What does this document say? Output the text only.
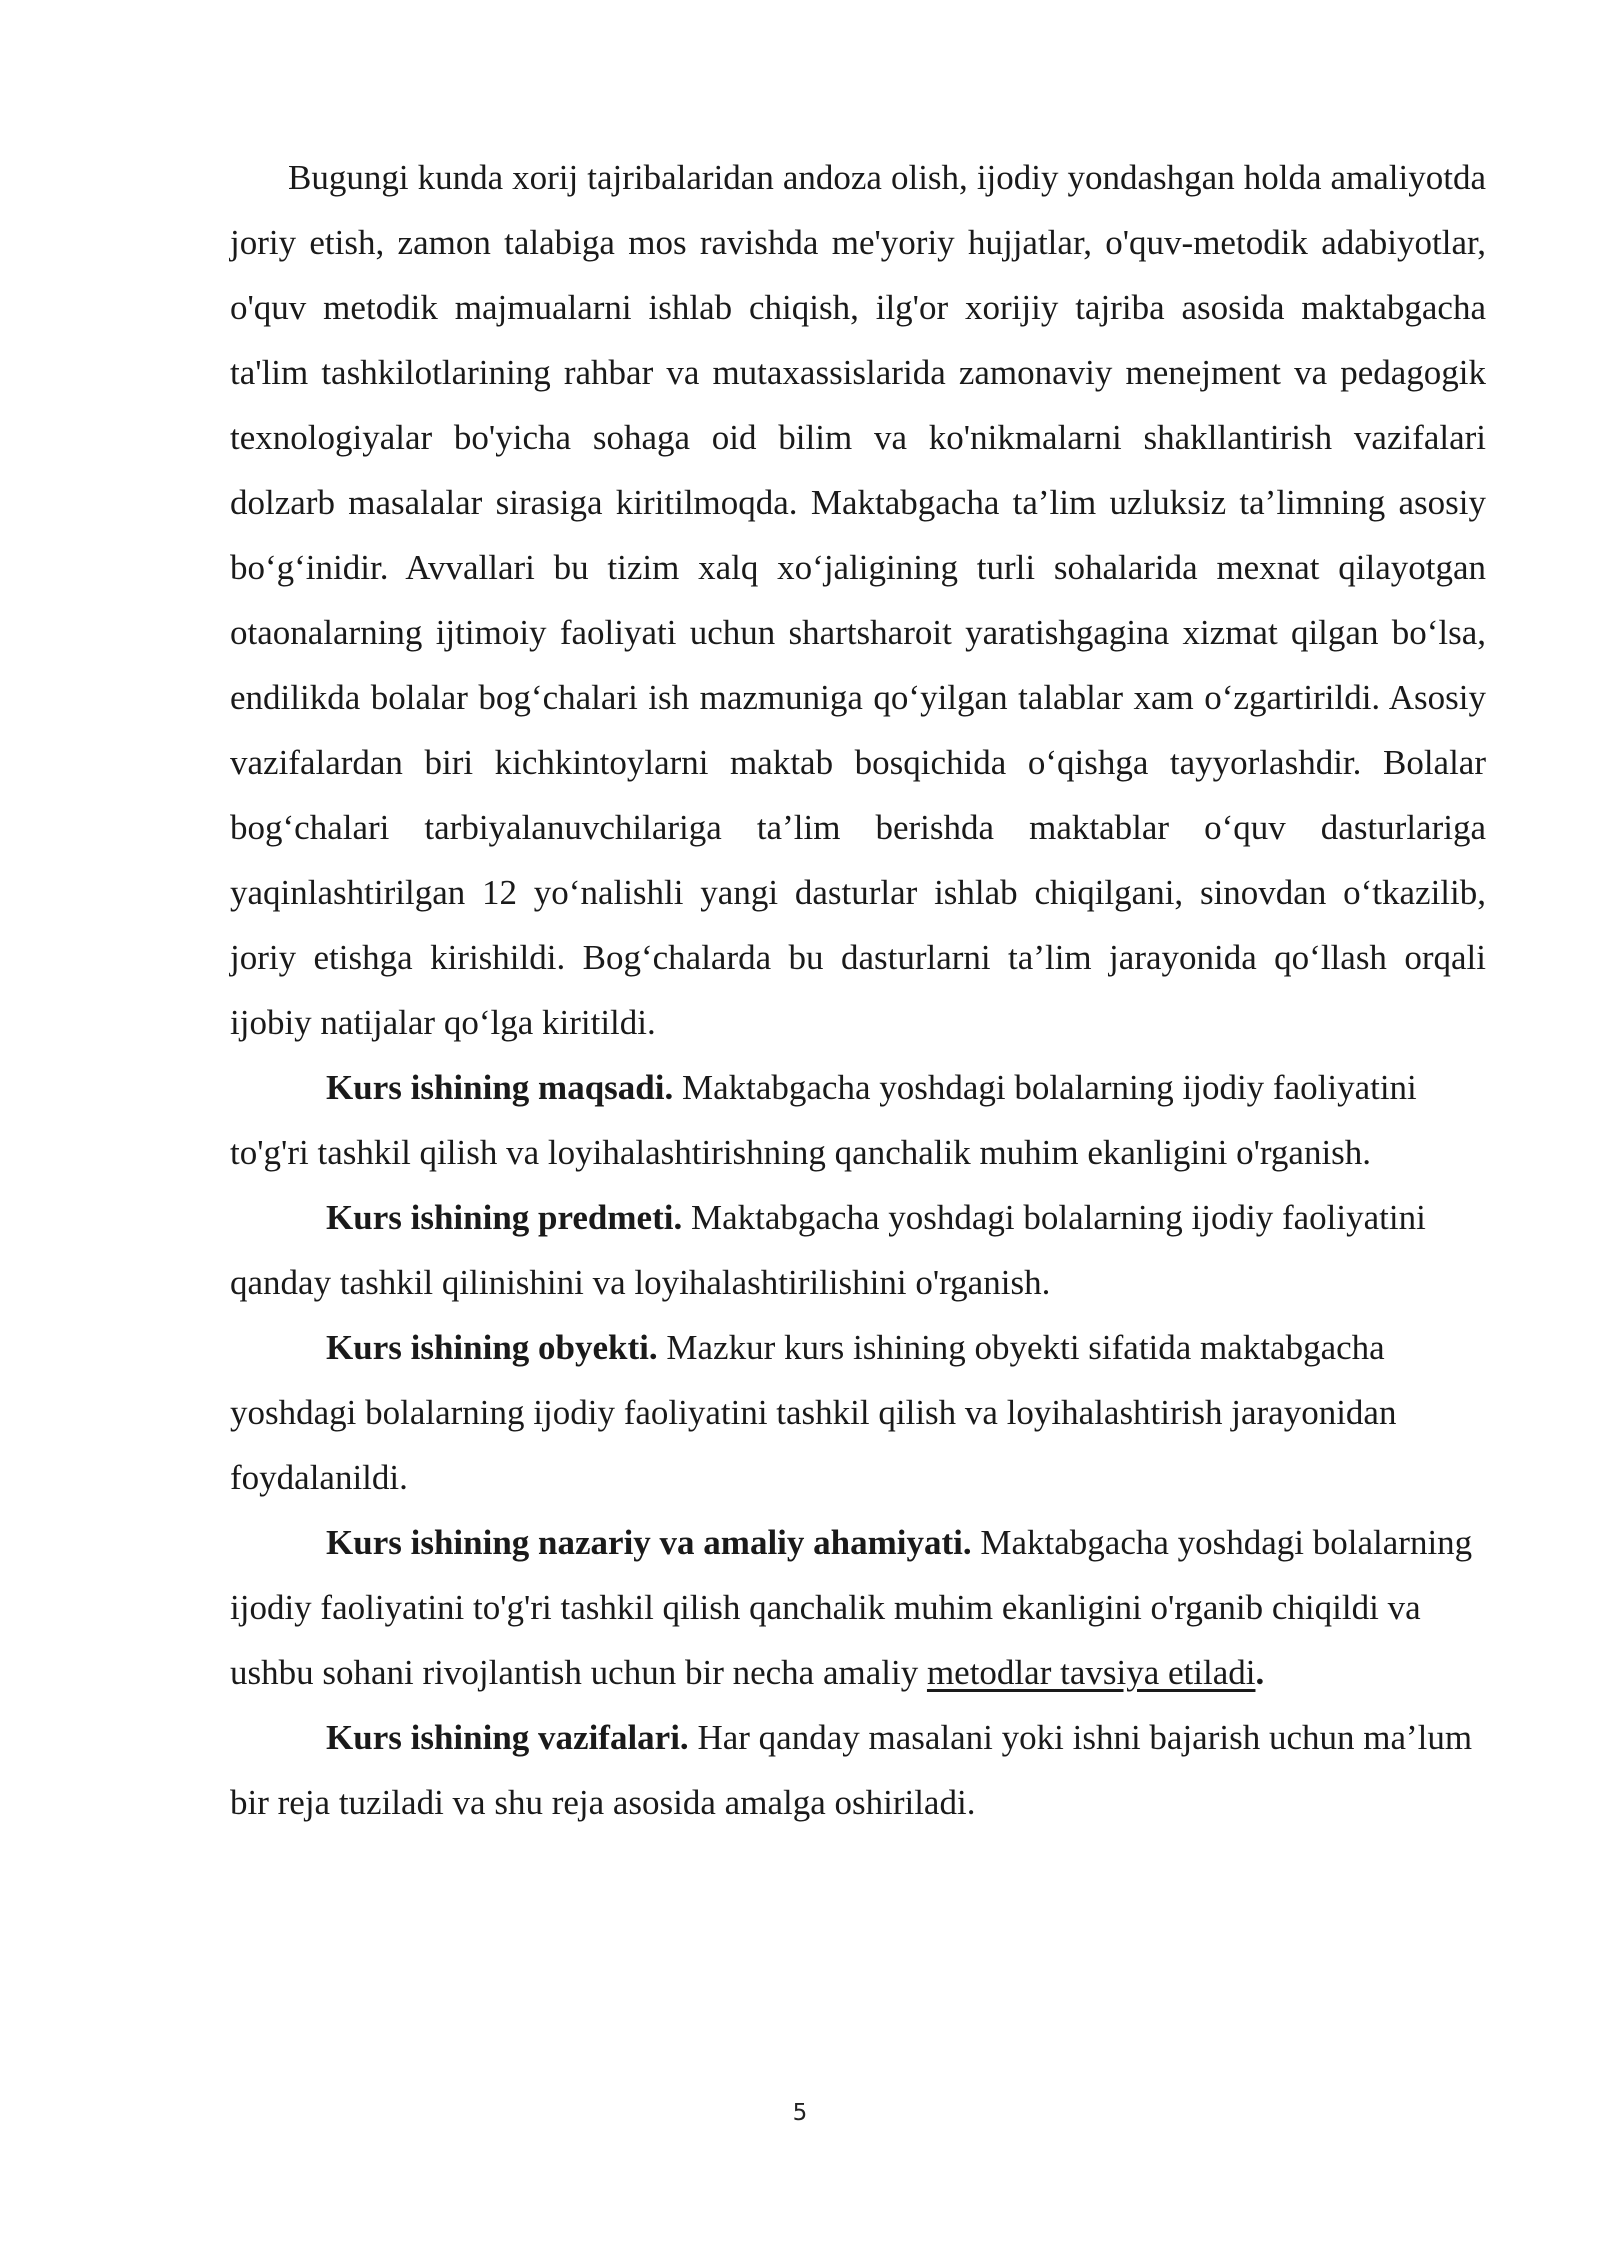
Bugungi kunda xorij tajribalaridan andoza olish, ijodiy yondashgan holda amaliyotda joriy etish, zamon talabiga mos ravishda me'yoriy hujjatlar, o'quv-metodik adabiyotlar, o'quv metodik majmualarni ishlab chiqish, ilg'or xorijiy tajriba asosida maktabgacha ta'lim tashkilotlarining rahbar va mutaxassislarida zamonaviy menejment va pedagogik texnologiyalar bo'yicha sohaga oid bilim va ko'nikmalarni shakllantirish vazifalari dolzarb masalalar sirasiga kiritilmoqda. Maktabgacha ta’lim uzluksiz ta’limning asosiy bo‘g‘inidir. Avvallari bu tizim xalq xo‘jaligining turli sohalarida mexnat qilayotgan otaonalarning ijtimoiy faoliyati uchun shartsharoit yaratishgagina xizmat qilgan bo‘lsa, endilikda bolalar bog‘chalari ish mazmuniga qo‘yilgan talablar xam o‘zgartirildi. Asosiy vazifalardan biri kichkintoylarni maktab bosqichida o‘qishga tayyorlashdir. Bolalar bog‘chalari tarbiyalanuvchilariga ta’lim berishda maktablar o‘quv dasturlariga yaqinlashtirilgan 12 yo‘nalishli yangi dasturlar ishlab chiqilgani, sinovdan o‘tkazilib, joriy etishga kirishildi. Bog‘chalarda bu dasturlarni ta’lim jarayonida qo‘llash orqali ijobiy natijalar qo‘lga kiritildi.

Kurs ishining maqsadi. Maktabgacha yoshdagi bolalarning ijodiy faoliyatini to'g'ri tashkil qilish va loyihalashtirishning qanchalik muhim ekanligini o'rganish.

Kurs ishining predmeti. Maktabgacha yoshdagi bolalarning ijodiy faoliyatini qanday tashkil qilinishini va loyihalashtirilishini o'rganish.

Kurs ishining obyekti. Mazkur kurs ishining obyekti sifatida maktabgacha yoshdagi bolalarning ijodiy faoliyatini tashkil qilish va loyihalashtirish jarayonidan foydalanildi.

Kurs ishining nazariy va amaliy ahamiyati. Maktabgacha yoshdagi bolalarning ijodiy faoliyatini to'g'ri tashkil qilish qanchalik muhim ekanligini o'rganib chiqildi va ushbu sohani rivojlantish uchun bir necha amaliy metodlar tavsiya etiladi.

Kurs ishining vazifalari. Har qanday masalani yoki ishni bajarish uchun ma’lum bir reja tuziladi va shu reja asosida amalga oshiriladi.

5
